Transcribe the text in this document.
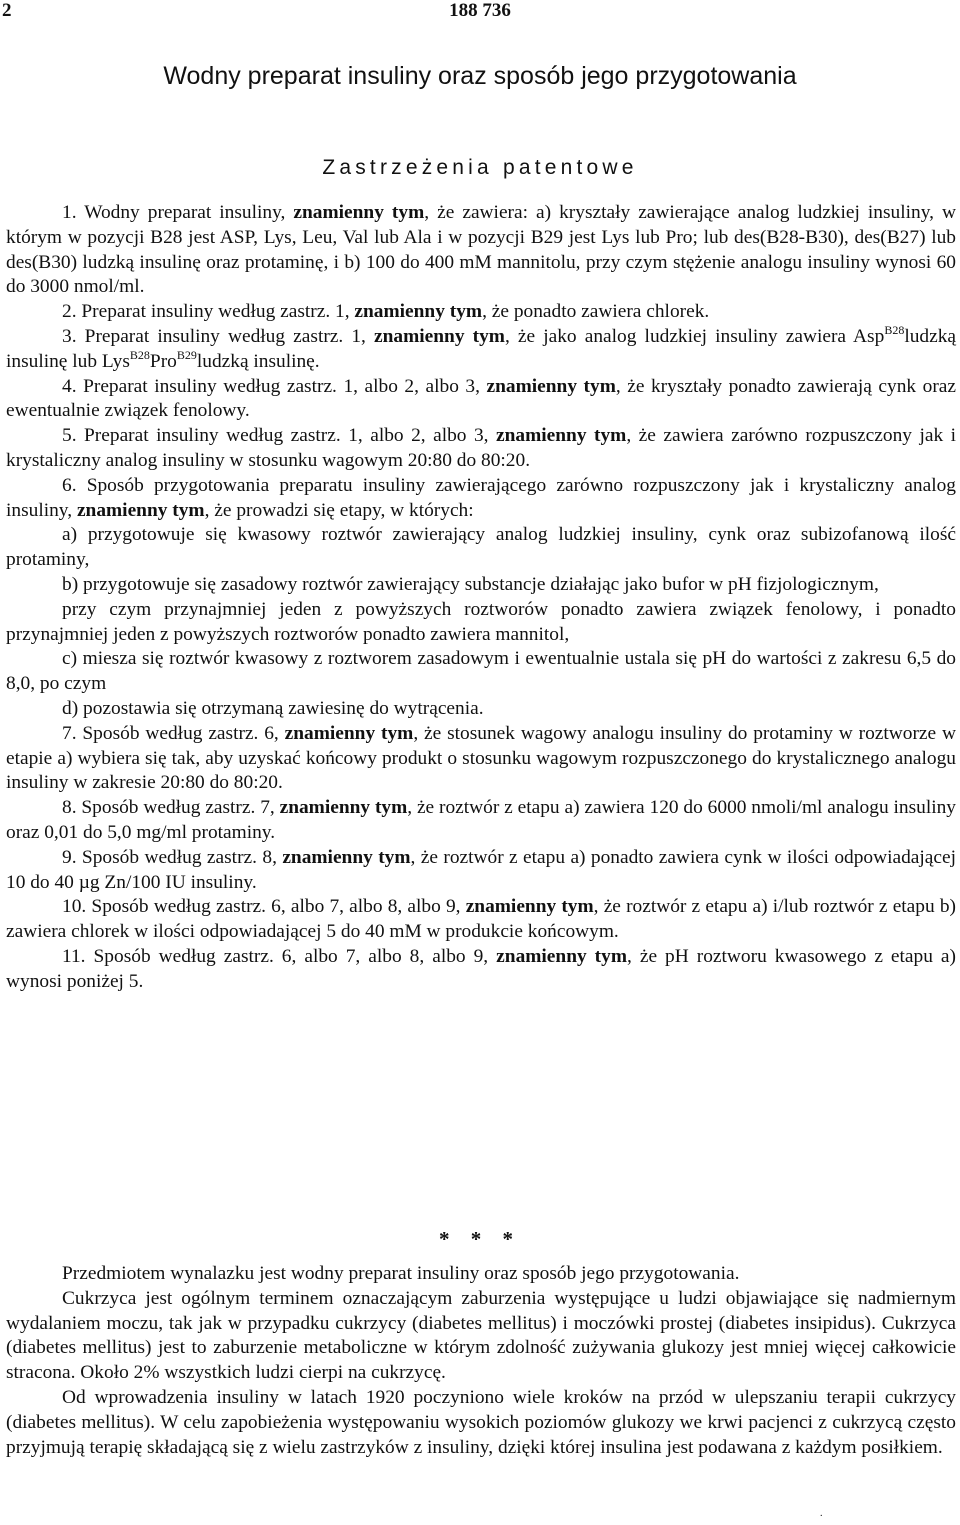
2	188 736
Wodny preparat insuliny oraz sposób jego przygotowania
Zastrzeżenia patentowe

1. Wodny preparat insuliny, znamienny tym, że zawiera: a) kryształy zawierające analog ludzkiej insuliny, w którym w pozycji B28 jest ASP, Lys, Leu, Val lub Ala i w pozycji B29 jest Lys lub Pro; lub des(B28-B30), des(B27) lub des(B30) ludzką insulinę oraz protaminę, i b) 100 do 400 mM mannitolu, przy czym stężenie analogu insuliny wynosi 60 do 3000 nmol/ml.

2. Preparat insuliny według zastrz. 1, znamienny tym, że ponadto zawiera chlorek.

3. Preparat insuliny według zastrz. 1, znamienny tym, że jako analog ludzkiej insuliny zawiera Asp$^{B28}$ludzką insulinę lub Lys$^{B28}$Pro$^{B29}$ludzką insulinę.

4. Preparat insuliny według zastrz. 1, albo 2, albo 3, znamienny tym, że kryształy ponadto zawierają cynk oraz ewentualnie związek fenolowy.

5. Preparat insuliny według zastrz. 1, albo 2, albo 3, znamienny tym, że zawiera zarówno rozpuszczony jak i krystaliczny analog insuliny w stosunku wagowym 20:80 do 80:20.

6. Sposób przygotowania preparatu insuliny zawierającego zarówno rozpuszczony jak i krystaliczny analog insuliny, znamienny tym, że prowadzi się etapy, w których:

a) przygotowuje się kwasowy roztwór zawierający analog ludzkiej insuliny, cynk oraz subizofanową ilość protaminy,

b) przygotowuje się zasadowy roztwór zawierający substancje działając jako bufor w pH fizjologicznym,

przy czym przynajmniej jeden z powyższych roztworów ponadto zawiera związek fenolowy, i ponadto przynajmniej jeden z powyższych roztworów ponadto zawiera mannitol,

c) miesza się roztwór kwasowy z roztworem zasadowym i ewentualnie ustala się pH do wartości z zakresu 6,5 do 8,0, po czym

d) pozostawia się otrzymaną zawiesinę do wytrącenia.

7. Sposób według zastrz. 6, znamienny tym, że stosunek wagowy analogu insuliny do protaminy w roztworze w etapie a) wybiera się tak, aby uzyskać końcowy produkt o stosunku wagowym rozpuszczonego do krystalicznego analogu insuliny w zakresie 20:80 do 80:20.

8. Sposób według zastrz. 7, znamienny tym, że roztwór z etapu a) zawiera 120 do 6000 nmoli/ml analogu insuliny oraz 0,01 do 5,0 mg/ml protaminy.

9. Sposób według zastrz. 8, znamienny tym, że roztwór z etapu a) ponadto zawiera cynk w ilości odpowiadającej 10 do 40 µg Zn/100 IU insuliny.

10. Sposób według zastrz. 6, albo 7, albo 8, albo 9, znamienny tym, że roztwór z etapu a) i/lub roztwór z etapu b) zawiera chlorek w ilości odpowiadającej 5 do 40 mM w produkcie końcowym.

11. Sposób według zastrz. 6, albo 7, albo 8, albo 9, znamienny tym, że pH roztworu kwasowego z etapu a) wynosi poniżej 5.

* * *

Przedmiotem wynalazku jest wodny preparat insuliny oraz sposób jego przygotowania.

Cukrzyca jest ogólnym terminem oznaczającym zaburzenia występujące u ludzi objawiające się nadmiernym wydalaniem moczu, tak jak w przypadku cukrzycy (diabetes mellitus) i moczówki prostej (diabetes insipidus). Cukrzyca (diabetes mellitus) jest to zaburzenie metaboliczne w którym zdolność zużywania glukozy jest mniej więcej całkowicie stracona. Około 2% wszystkich ludzi cierpi na cukrzycę.

Od wprowadzenia insuliny w latach 1920 poczyniono wiele kroków na przód w ulepszaniu terapii cukrzycy (diabetes mellitus). W celu zapobieżenia występowaniu wysokich poziomów glukozy we krwi pacjenci z cukrzycą często przyjmują terapię składającą się z wielu zastrzyków z insuliny, dzięki której insulina jest podawana z każdym posiłkiem.

.
